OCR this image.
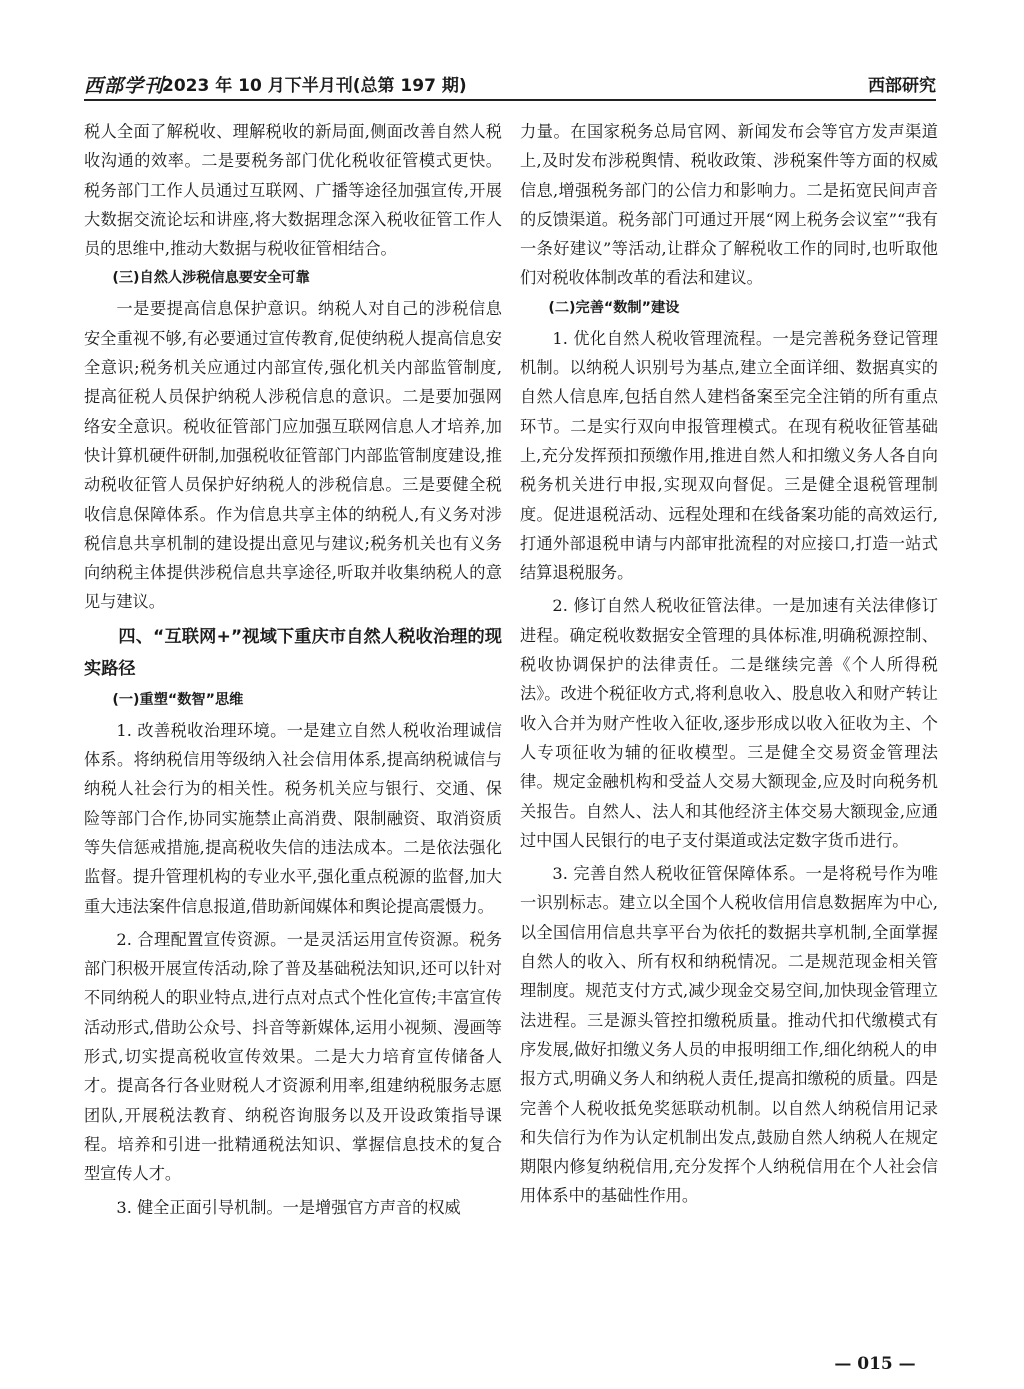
西部学刊
2023 年 10 月下半月刊(总第 197 期)	西部研究

税人全面了解税收、理解税收的新局面,侧面改善自然人税收沟通的效率。二是要税务部门优化税收征管模式更快。税务部门工作人员通过互联网、广播等途径加强宣传,开展大数据交流论坛和讲座,将大数据理念深入税收征管工作人员的思维中,推动大数据与税收征管相结合。

(三)自然人涉税信息要安全可靠

一是要提高信息保护意识。纳税人对自己的涉税信息安全重视不够,有必要通过宣传教育,促使纳税人提高信息安全意识;税务机关应通过内部宣传,强化机关内部监管制度,提高征税人员保护纳税人涉税信息的意识。二是要加强网络安全意识。税收征管部门应加强互联网信息人才培养,加快计算机硬件研制,加强税收征管部门内部监管制度建设,推动税收征管人员保护好纳税人的涉税信息。三是要健全税收信息保障体系。作为信息共享主体的纳税人,有义务对涉税信息共享机制的建设提出意见与建议;税务机关也有义务向纳税主体提供涉税信息共享途径,听取并收集纳税人的意见与建议。

四、“互联网+”视域下重庆市自然人税收治理的现实路径
(一)重塑“数智”思维

1. 改善税收治理环境。一是建立自然人税收治理诚信体系。将纳税信用等级纳入社会信用体系,提高纳税诚信与纳税人社会行为的相关性。税务机关应与银行、交通、保险等部门合作,协同实施禁止高消费、限制融资、取消资质等失信惩戒措施,提高税收失信的违法成本。二是依法强化监督。提升管理机构的专业水平,强化重点税源的监督,加大重大违法案件信息报道,借助新闻媒体和舆论提高震慑力。

2. 合理配置宣传资源。一是灵活运用宣传资源。税务部门积极开展宣传活动,除了普及基础税法知识,还可以针对不同纳税人的职业特点,进行点对点式个性化宣传;丰富宣传活动形式,借助公众号、抖音等新媒体,运用小视频、漫画等形式,切实提高税收宣传效果。二是大力培育宣传储备人才。提高各行各业财税人才资源利用率,组建纳税服务志愿团队,开展税法教育、纳税咨询服务以及开设政策指导课程。培养和引进一批精通税法知识、掌握信息技术的复合型宣传人才。

3. 健全正面引导机制。一是增强官方声音的权威

力量。在国家税务总局官网、新闻发布会等官方发声渠道上,及时发布涉税舆情、税收政策、涉税案件等方面的权威信息,增强税务部门的公信力和影响力。二是拓宽民间声音的反馈渠道。税务部门可通过开展“网上税务会议室”“我有一条好建议”等活动,让群众了解税收工作的同时,也听取他们对税收体制改革的看法和建议。

(二)完善“数制”建设

1. 优化自然人税收管理流程。一是完善税务登记管理机制。以纳税人识别号为基点,建立全面详细、数据真实的自然人信息库,包括自然人建档备案至完全注销的所有重点环节。二是实行双向申报管理模式。在现有税收征管基础上,充分发挥预扣预缴作用,推进自然人和扣缴义务人各自向税务机关进行申报,实现双向督促。三是健全退税管理制度。促进退税活动、远程处理和在线备案功能的高效运行,打通外部退税申请与内部审批流程的对应接口,打造一站式结算退税服务。

2. 修订自然人税收征管法律。一是加速有关法律修订进程。确定税收数据安全管理的具体标准,明确税源控制、税收协调保护的法律责任。二是继续完善《个人所得税法》。改进个税征收方式,将利息收入、股息收入和财产转让收入合并为财产性收入征收,逐步形成以收入征收为主、个人专项征收为辅的征收模型。三是健全交易资金管理法律。规定金融机构和受益人交易大额现金,应及时向税务机关报告。自然人、法人和其他经济主体交易大额现金,应通过中国人民银行的电子支付渠道或法定数字货币进行。

3. 完善自然人税收征管保障体系。一是将税号作为唯一识别标志。建立以全国个人税收信用信息数据库为中心,以全国信用信息共享平台为依托的数据共享机制,全面掌握自然人的收入、所有权和纳税情况。二是规范现金相关管理制度。规范支付方式,减少现金交易空间,加快现金管理立法进程。三是源头管控扣缴税质量。推动代扣代缴模式有序发展,做好扣缴义务人员的申报明细工作,细化纳税人的申报方式,明确义务人和纳税人责任,提高扣缴税的质量。四是完善个人税收抵免奖惩联动机制。以自然人纳税信用记录和失信行为作为认定机制出发点,鼓励自然人纳税人在规定期限内修复纳税信用,充分发挥个人纳税信用在个人社会信用体系中的基础性作用。

— 015 —
